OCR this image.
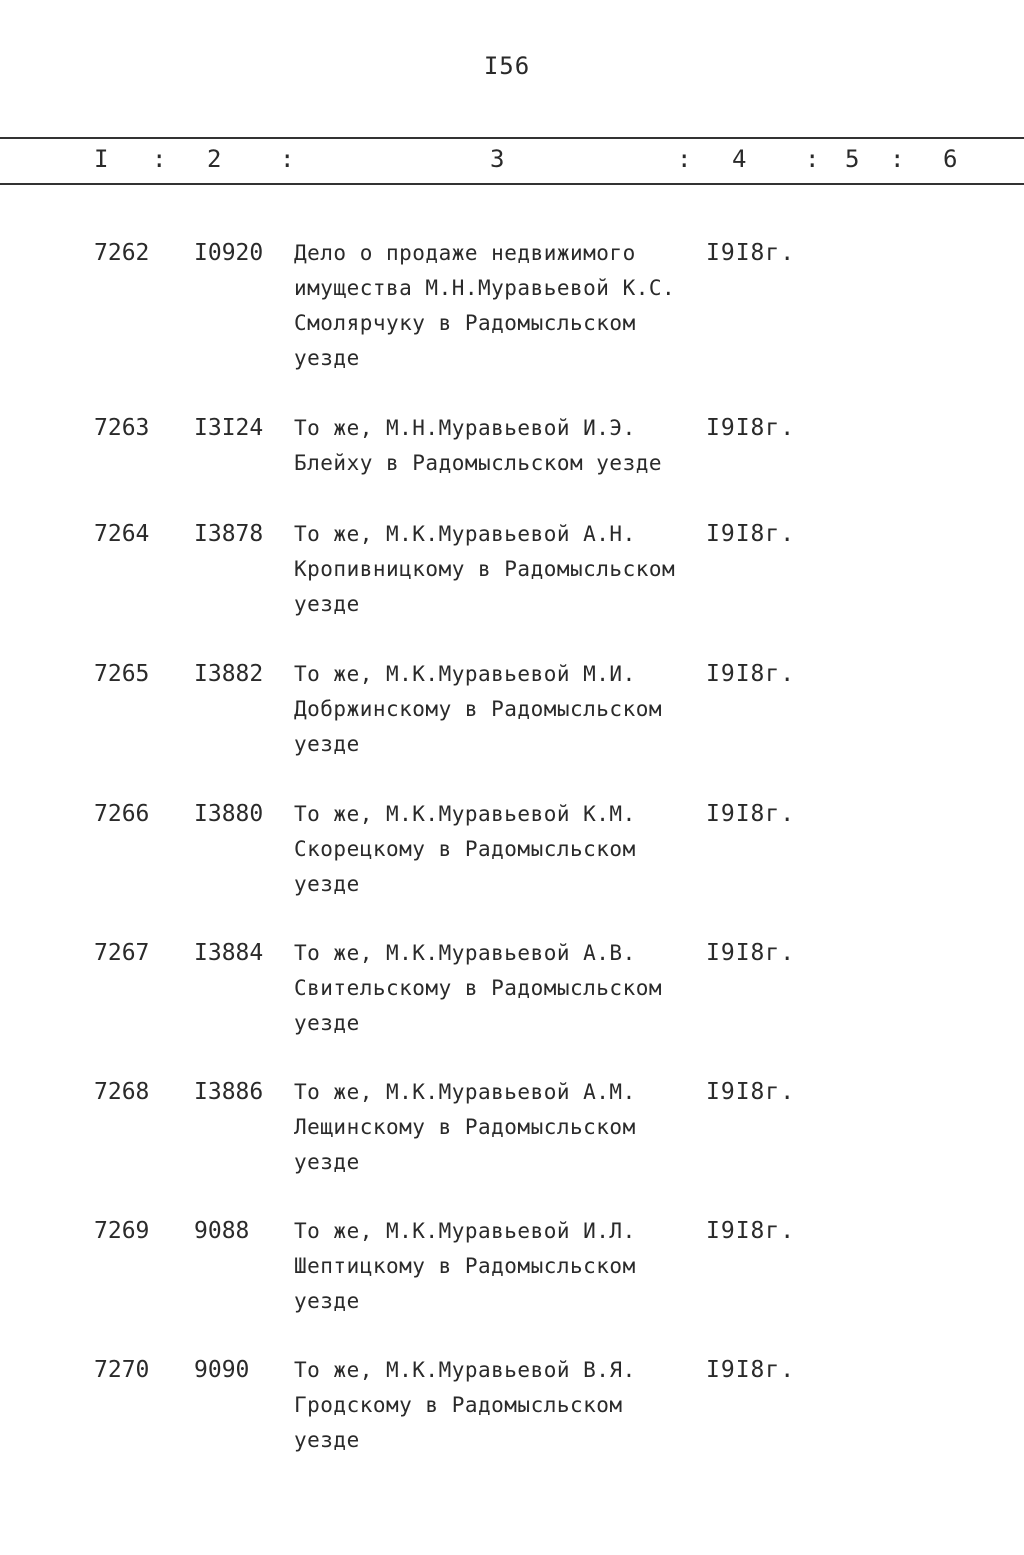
I56
I : 2 :	3	: 4 : 5 : 6
7262 I0920 Дело о продаже недвижимого
имущества М.Н.Муравьевой К.С.
Смолярчуку в Радомысльском
уезде
I9I8г.
7263 I3I24 То же, М.Н.Муравьевой И.Э.
Блейху в Радомысльском уезде
I9I8г.
7264 I3878 То же, М.К.Муравьевой А.Н.
Кропивницкому в Радомысльском
уезде
I9I8г.
7265 I3882 То же, М.К.Муравьевой М.И.
Добржинскому в Радомысльском
уезде
I9I8г.
7266 I3880 То же, М.К.Муравьевой К.М.
Скорецкому в Радомысльском
уезде
I9I8г.
7267 I3884 То же, М.К.Муравьевой А.В.
Свительскому в Радомысльском
уезде
I9I8г.
7268 I3886 То же, М.К.Муравьевой А.М.
Лещинскому в Радомысльском
уезде
I9I8г.
7269 9088 То же, М.К.Муравьевой И.Л.
Шептицкому в Радомысльском
уезде
I9I8г.
7270 9090 То же, М.К.Муравьевой В.Я.
Гродскому в Радомысльском
уезде
I9I8г.
